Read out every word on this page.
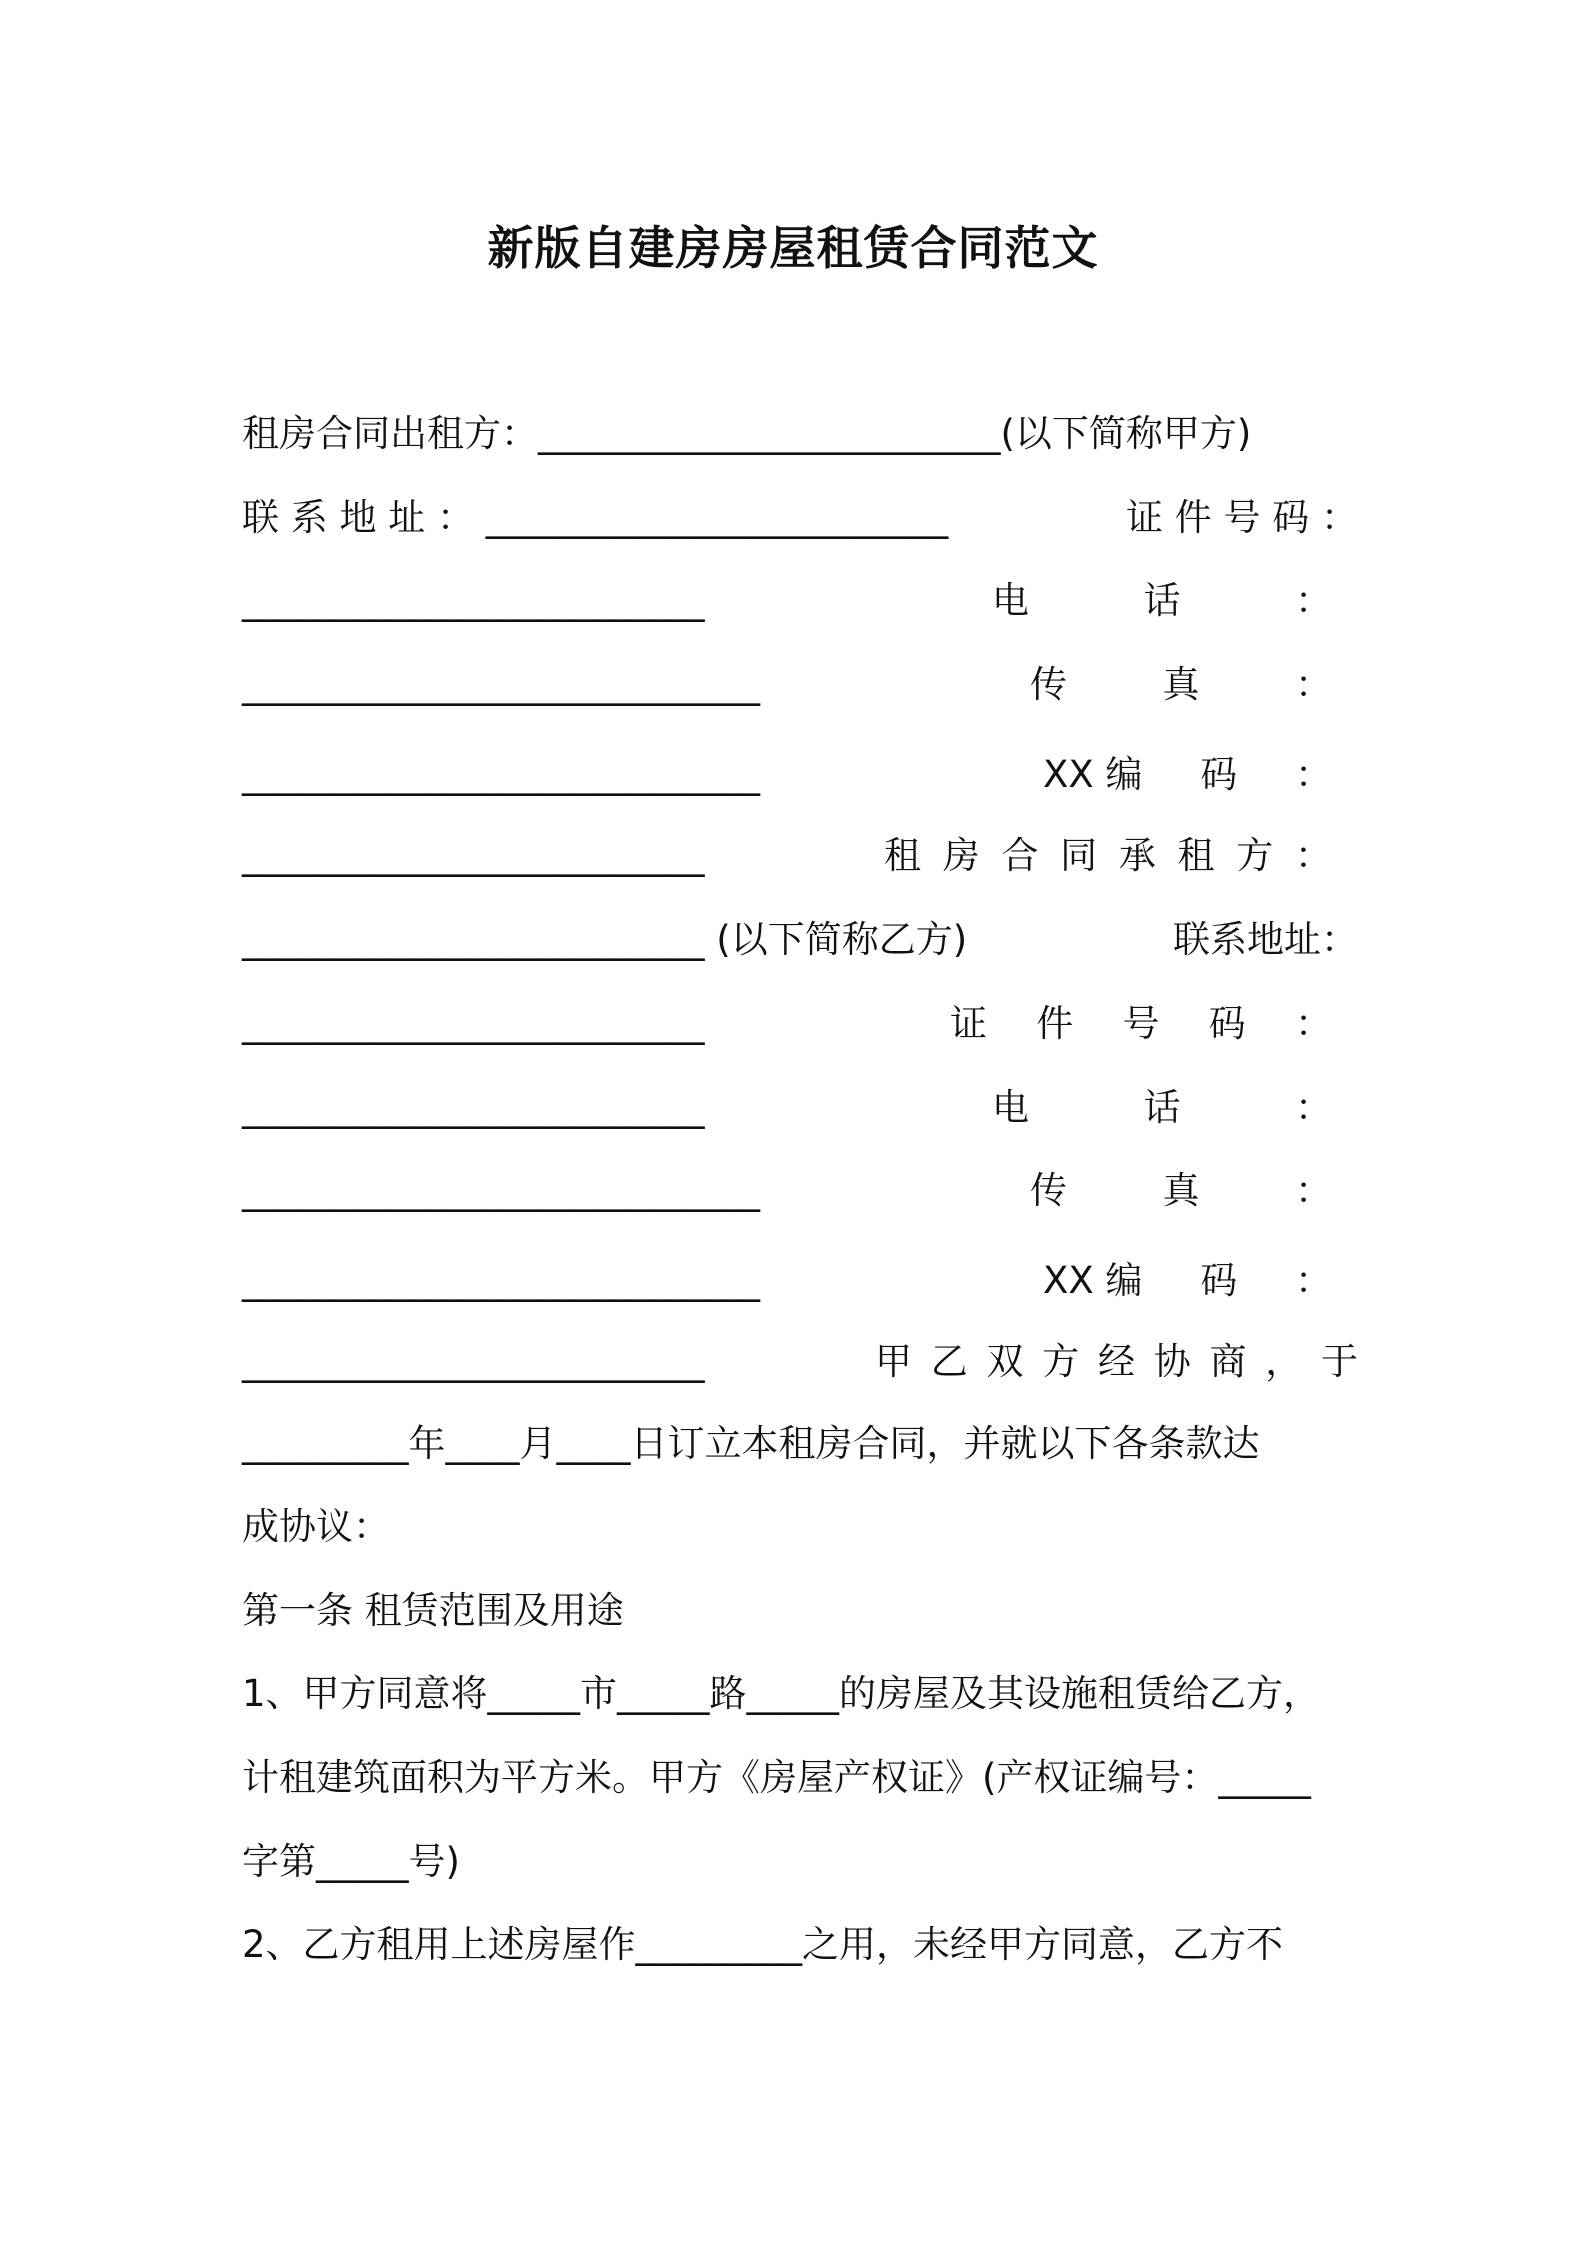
新版自建房房屋租赁合同范文
租房合同出租方：_________________________(以下简称甲方)
联 系 地 址 ： _________________________	证 件 号 码 ：
_________________________	电	话	：
____________________________	传	真	：
____________________________	XX 编 码 ：
_________________________	租 房 合 同 承 租 方 ：
_________________________ (以下简称乙方)	联系地址：
_________________________	证 件 号 码 ：
_________________________	电	话	：
____________________________	传	真	：
____________________________	XX 编 码 ：
_________________________	甲 乙 双 方 经 协 商 ， 于
_________年____月____日订立本租房合同，并就以下各条款达
成协议：
第一条 租赁范围及用途
1、甲方同意将_____市_____路_____的房屋及其设施租赁给乙方，
计租建筑面积为平方米。甲方《房屋产权证》(产权证编号：_____
字第_____号)
2、乙方租用上述房屋作_________之用，未经甲方同意，乙方不
